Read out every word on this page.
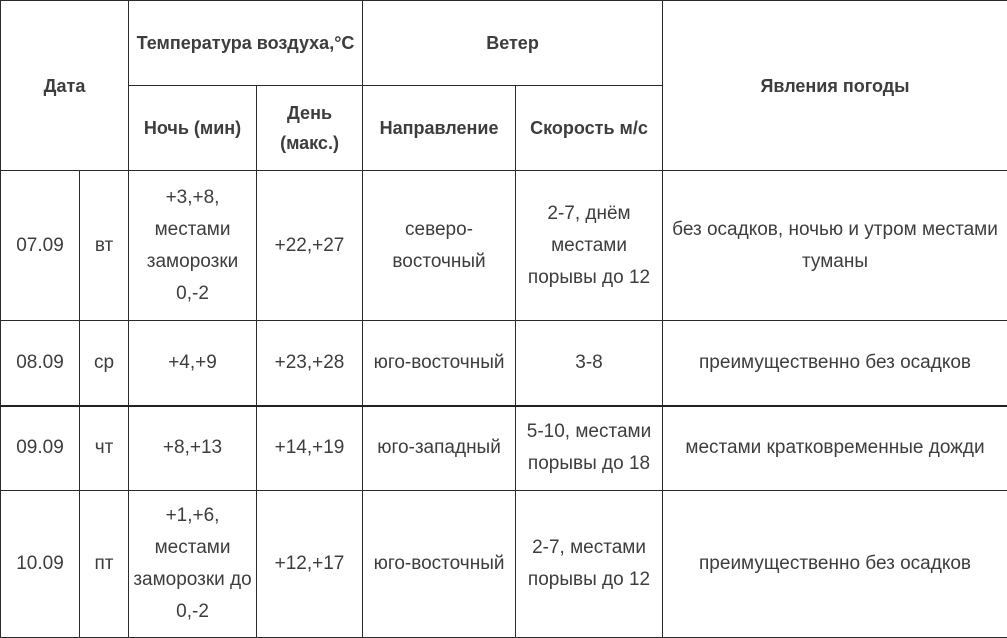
Дата		Температура воздуха,°C		Ветер		Явления погоды
		Ночь (мин)	День (макс.)	Направление	Скорость м/с	
07.09	вт	+3,+8, местами заморозки 0,-2	+22,+27	северо-восточный	2-7, днём местами порывы до 12	без осадков, ночью и утром местами туманы
08.09	ср	+4,+9	+23,+28	юго-восточный	3-8	преимущественно без осадков
09.09	чт	+8,+13	+14,+19	юго-западный	5-10, местами порывы до 18	местами кратковременные дожди
10.09	пт	+1,+6, местами заморозки до 0,-2	+12,+17	юго-восточный	2-7, местами порывы до 12	преимущественно без осадков
